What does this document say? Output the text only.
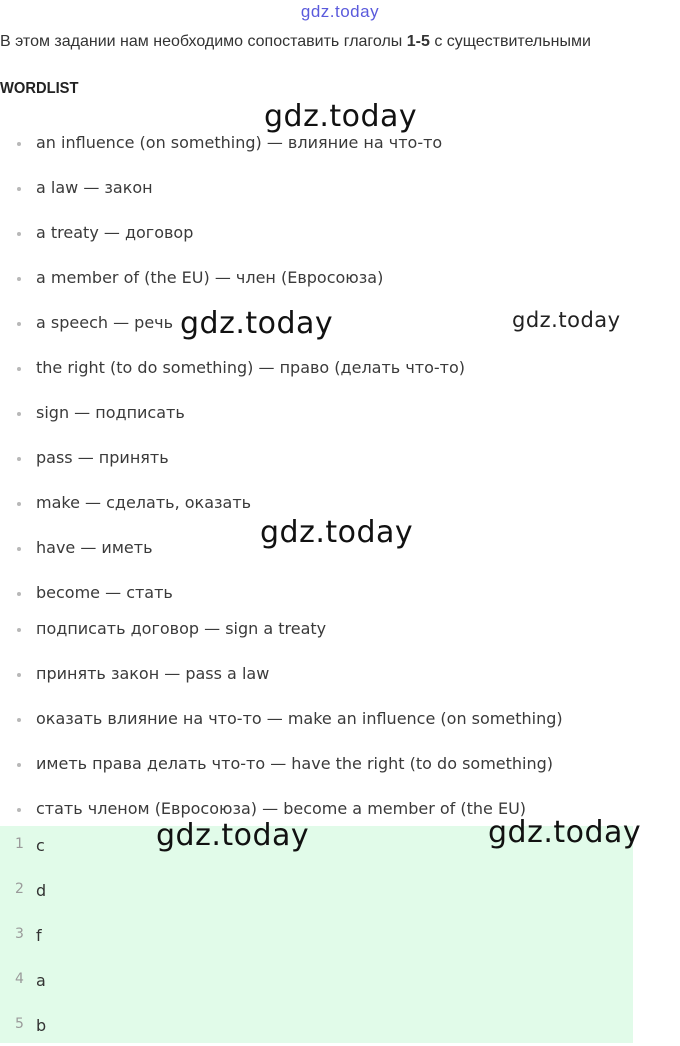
gdz.today
В этом задании нам необходимо сопоставить глаголы 1-5 с существительными
WORDLIST
an influence (on something) — влияние на что-то
a law — закон
a treaty — договор
a member of (the EU) — член (Евросоюза)
a speech — речь
the right (to do something) — право (делать что-то)
sign — подписать
pass — принять
make — сделать, оказать
have — иметь
become — стать
подписать договор — sign a treaty
принять закон — pass a law
оказать влияние на что-то — make an influence (on something)
иметь права делать что-то — have the right (to do something)
стать членом (Евросоюза) — become a member of (the EU)
1 c
2 d
3 f
4 a
5 b
gdz.today
gdz.today	gdz.today
gdz.today
gdz.today	gdz.today
